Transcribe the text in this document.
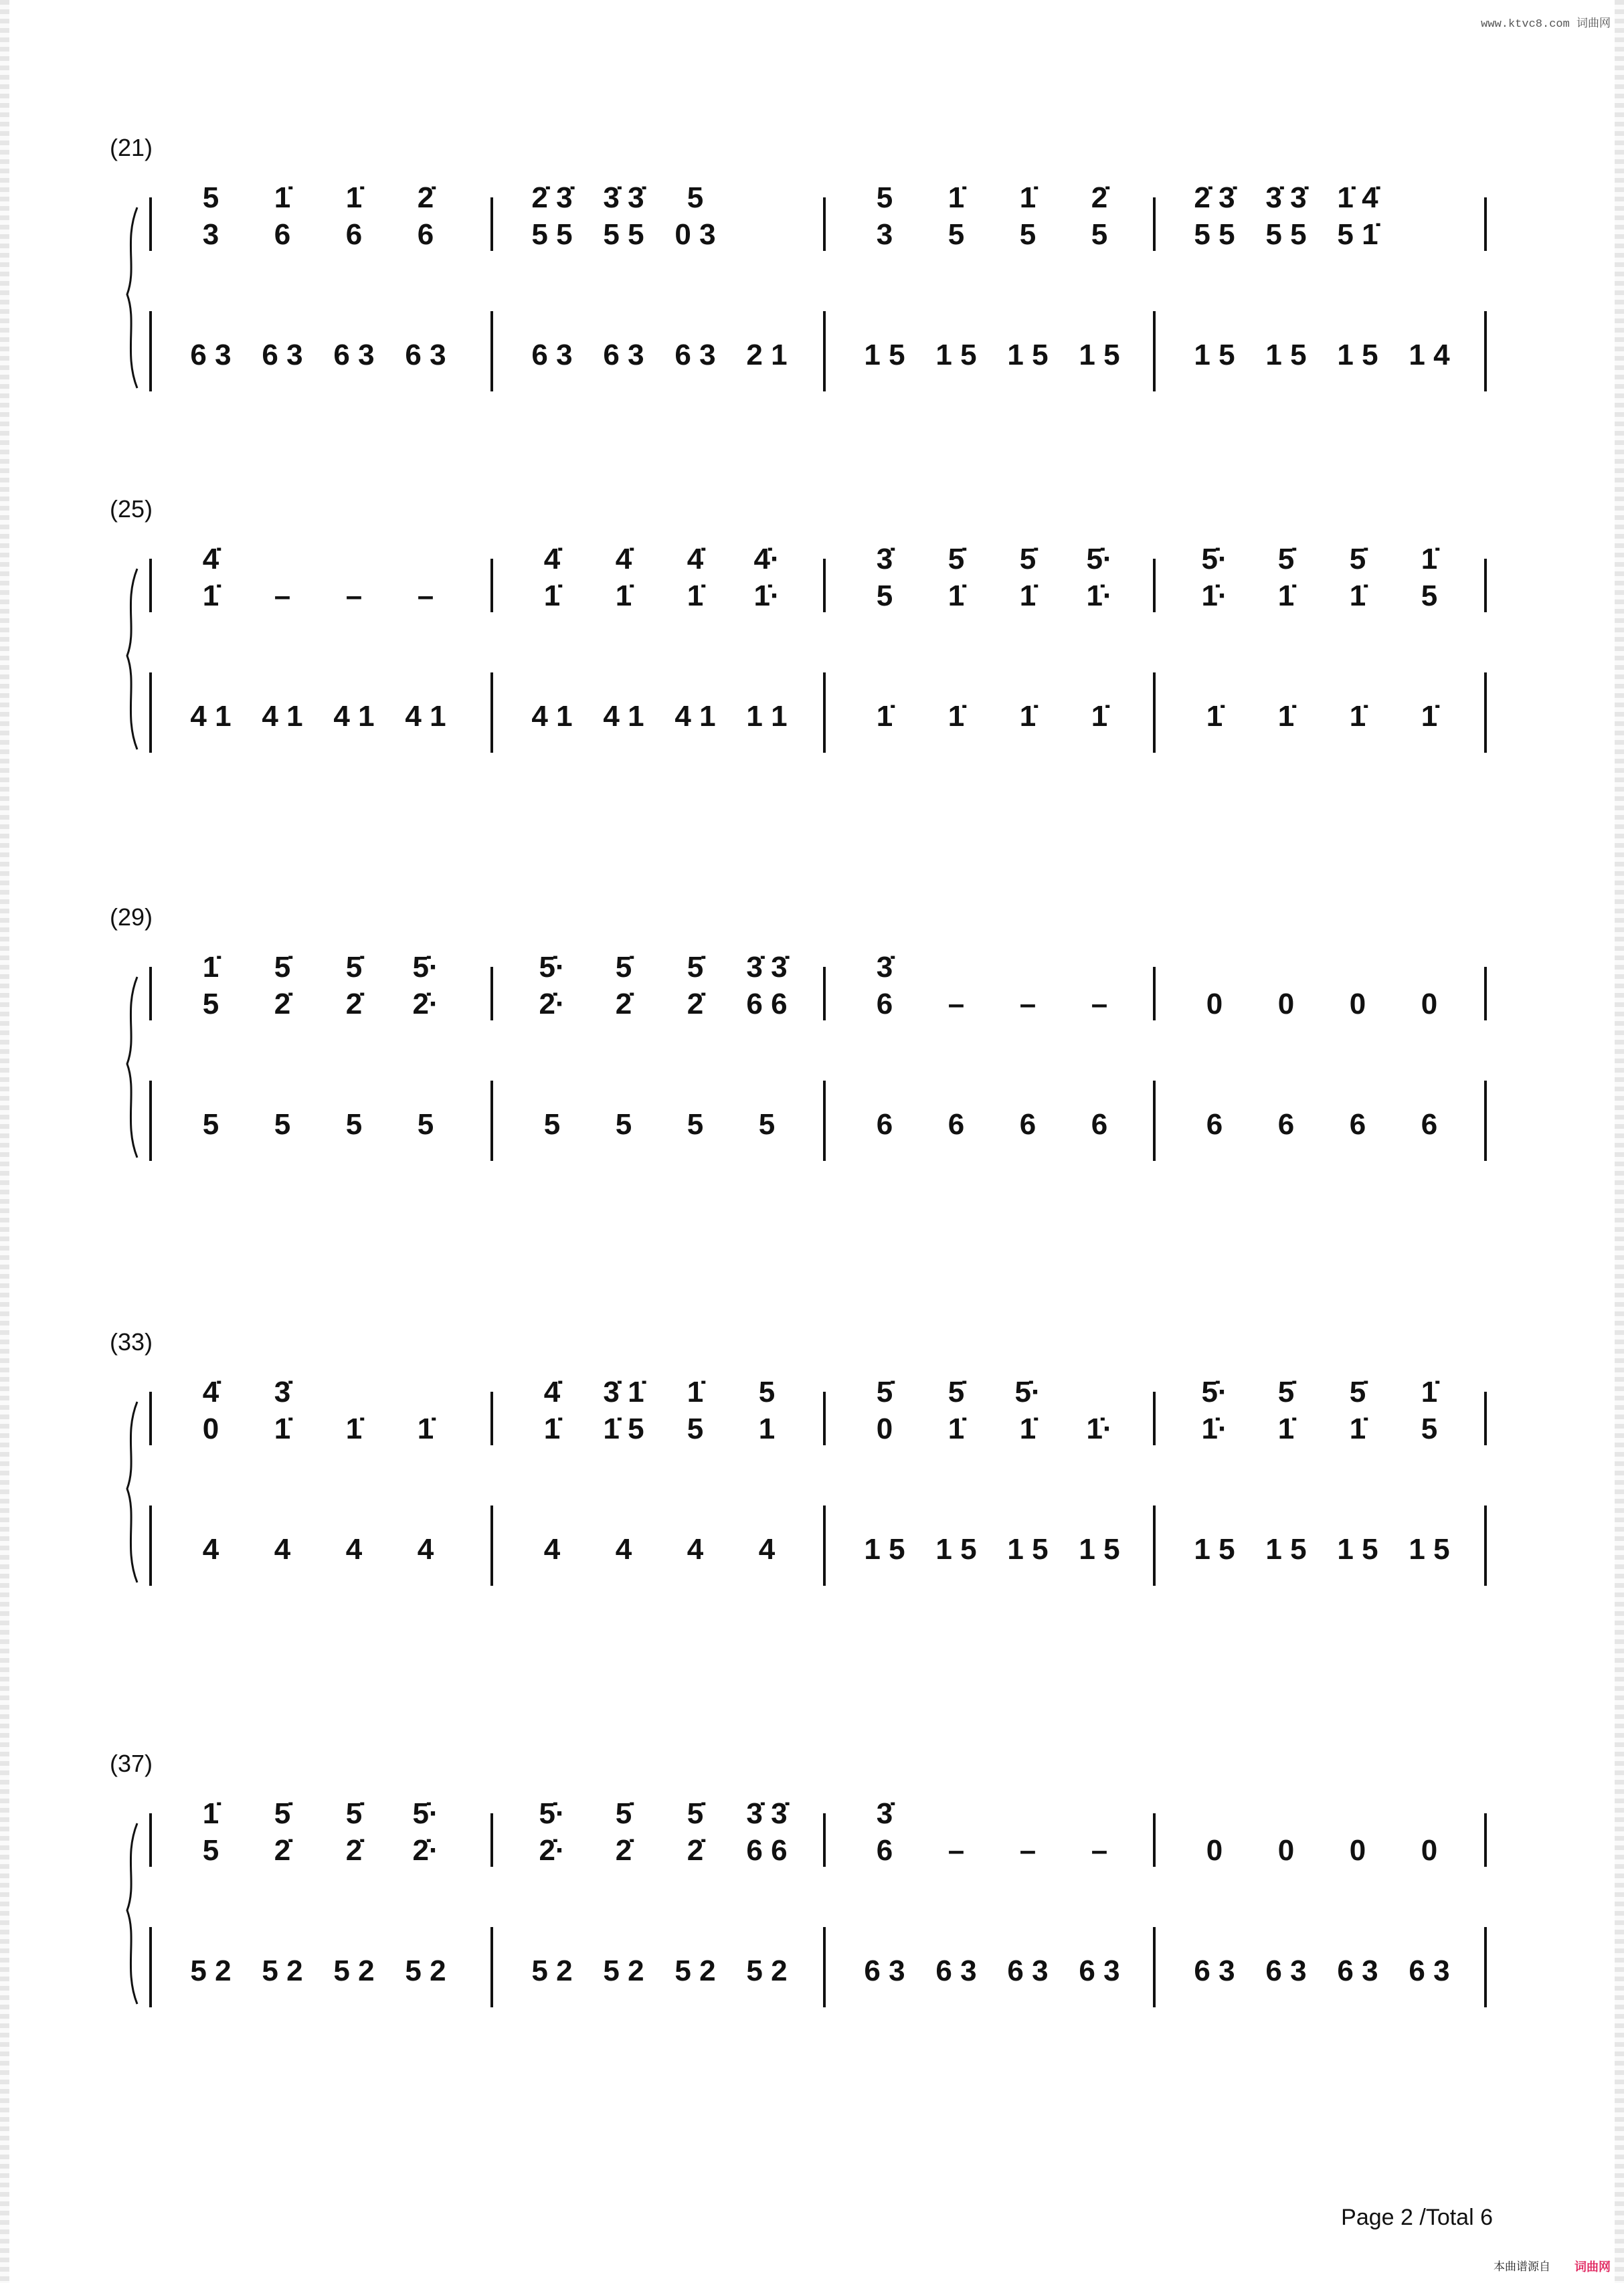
www.ktvc8.com 词曲网
(21)
5 1̇ 1̇ 2̇
3 6 6 6
6 3 6 3 6 3 6 3
2̇ 3̇ 3̇ 3̇ 5
5 5 5 5 0 3
6 3 6 3 6 3 2 1
5 1̇ 1̇ 2̇
3 5 5 5
1 5 1 5 1 5 1 5
2̇ 3̇ 3̇ 3̇ 1̇ 4̇
5 5 5 5 5 1̇
1 5 1 5 1 5 1 4
(25)
4̇
1̇ – – –
4 1 4 1 4 1 4 1
4̇ 4̇ 4̇ 4̇·
1̇ 1̇ 1̇ 1̇·
4 1 4 1 4 1 1 1
3̇ 5̇ 5̇ 5̇·
5 1̇ 1̇ 1̇·
1̇ 1̇ 1̇ 1̇
5̇· 5̇ 5̇ 1̇
1̇· 1̇ 1̇ 5
1̇ 1̇ 1̇ 1̇
(29)
1̇ 5̇ 5̇ 5̇·
5 2̇ 2̇ 2̇·
5 5 5 5
5̇· 5̇ 5̇ 3̇ 3̇
2̇· 2̇ 2̇ 6 6
5 5 5 5
3̇
6 – – –
6 6 6 6
0 0 0 0
6 6 6 6
(33)
4̇ 3̇
0 1̇ 1̇ 1̇
4 4 4 4
4̇ 3̇ 1̇ 1̇ 5
1̇ 1̇ 5 5 1
4 4 4 4
5̇ 5̇ 5̇·
0 1̇ 1̇ 1̇·
1 5 1 5 1 5 1 5
5̇· 5̇ 5̇ 1̇
1̇· 1̇ 1̇ 5
1 5 1 5 1 5 1 5
(37)
1̇ 5̇ 5̇ 5̇·
5 2̇ 2̇ 2̇·
5 2 5 2 5 2 5 2
5̇· 5̇ 5̇ 3̇ 3̇
2̇· 2̇ 2̇ 6 6
5 2 5 2 5 2 5 2
3̇
6 – – –
6 3 6 3 6 3 6 3
0 0 0 0
6 3 6 3 6 3 6 3
Page 2 /Total 6
本曲谱源自 词曲网
